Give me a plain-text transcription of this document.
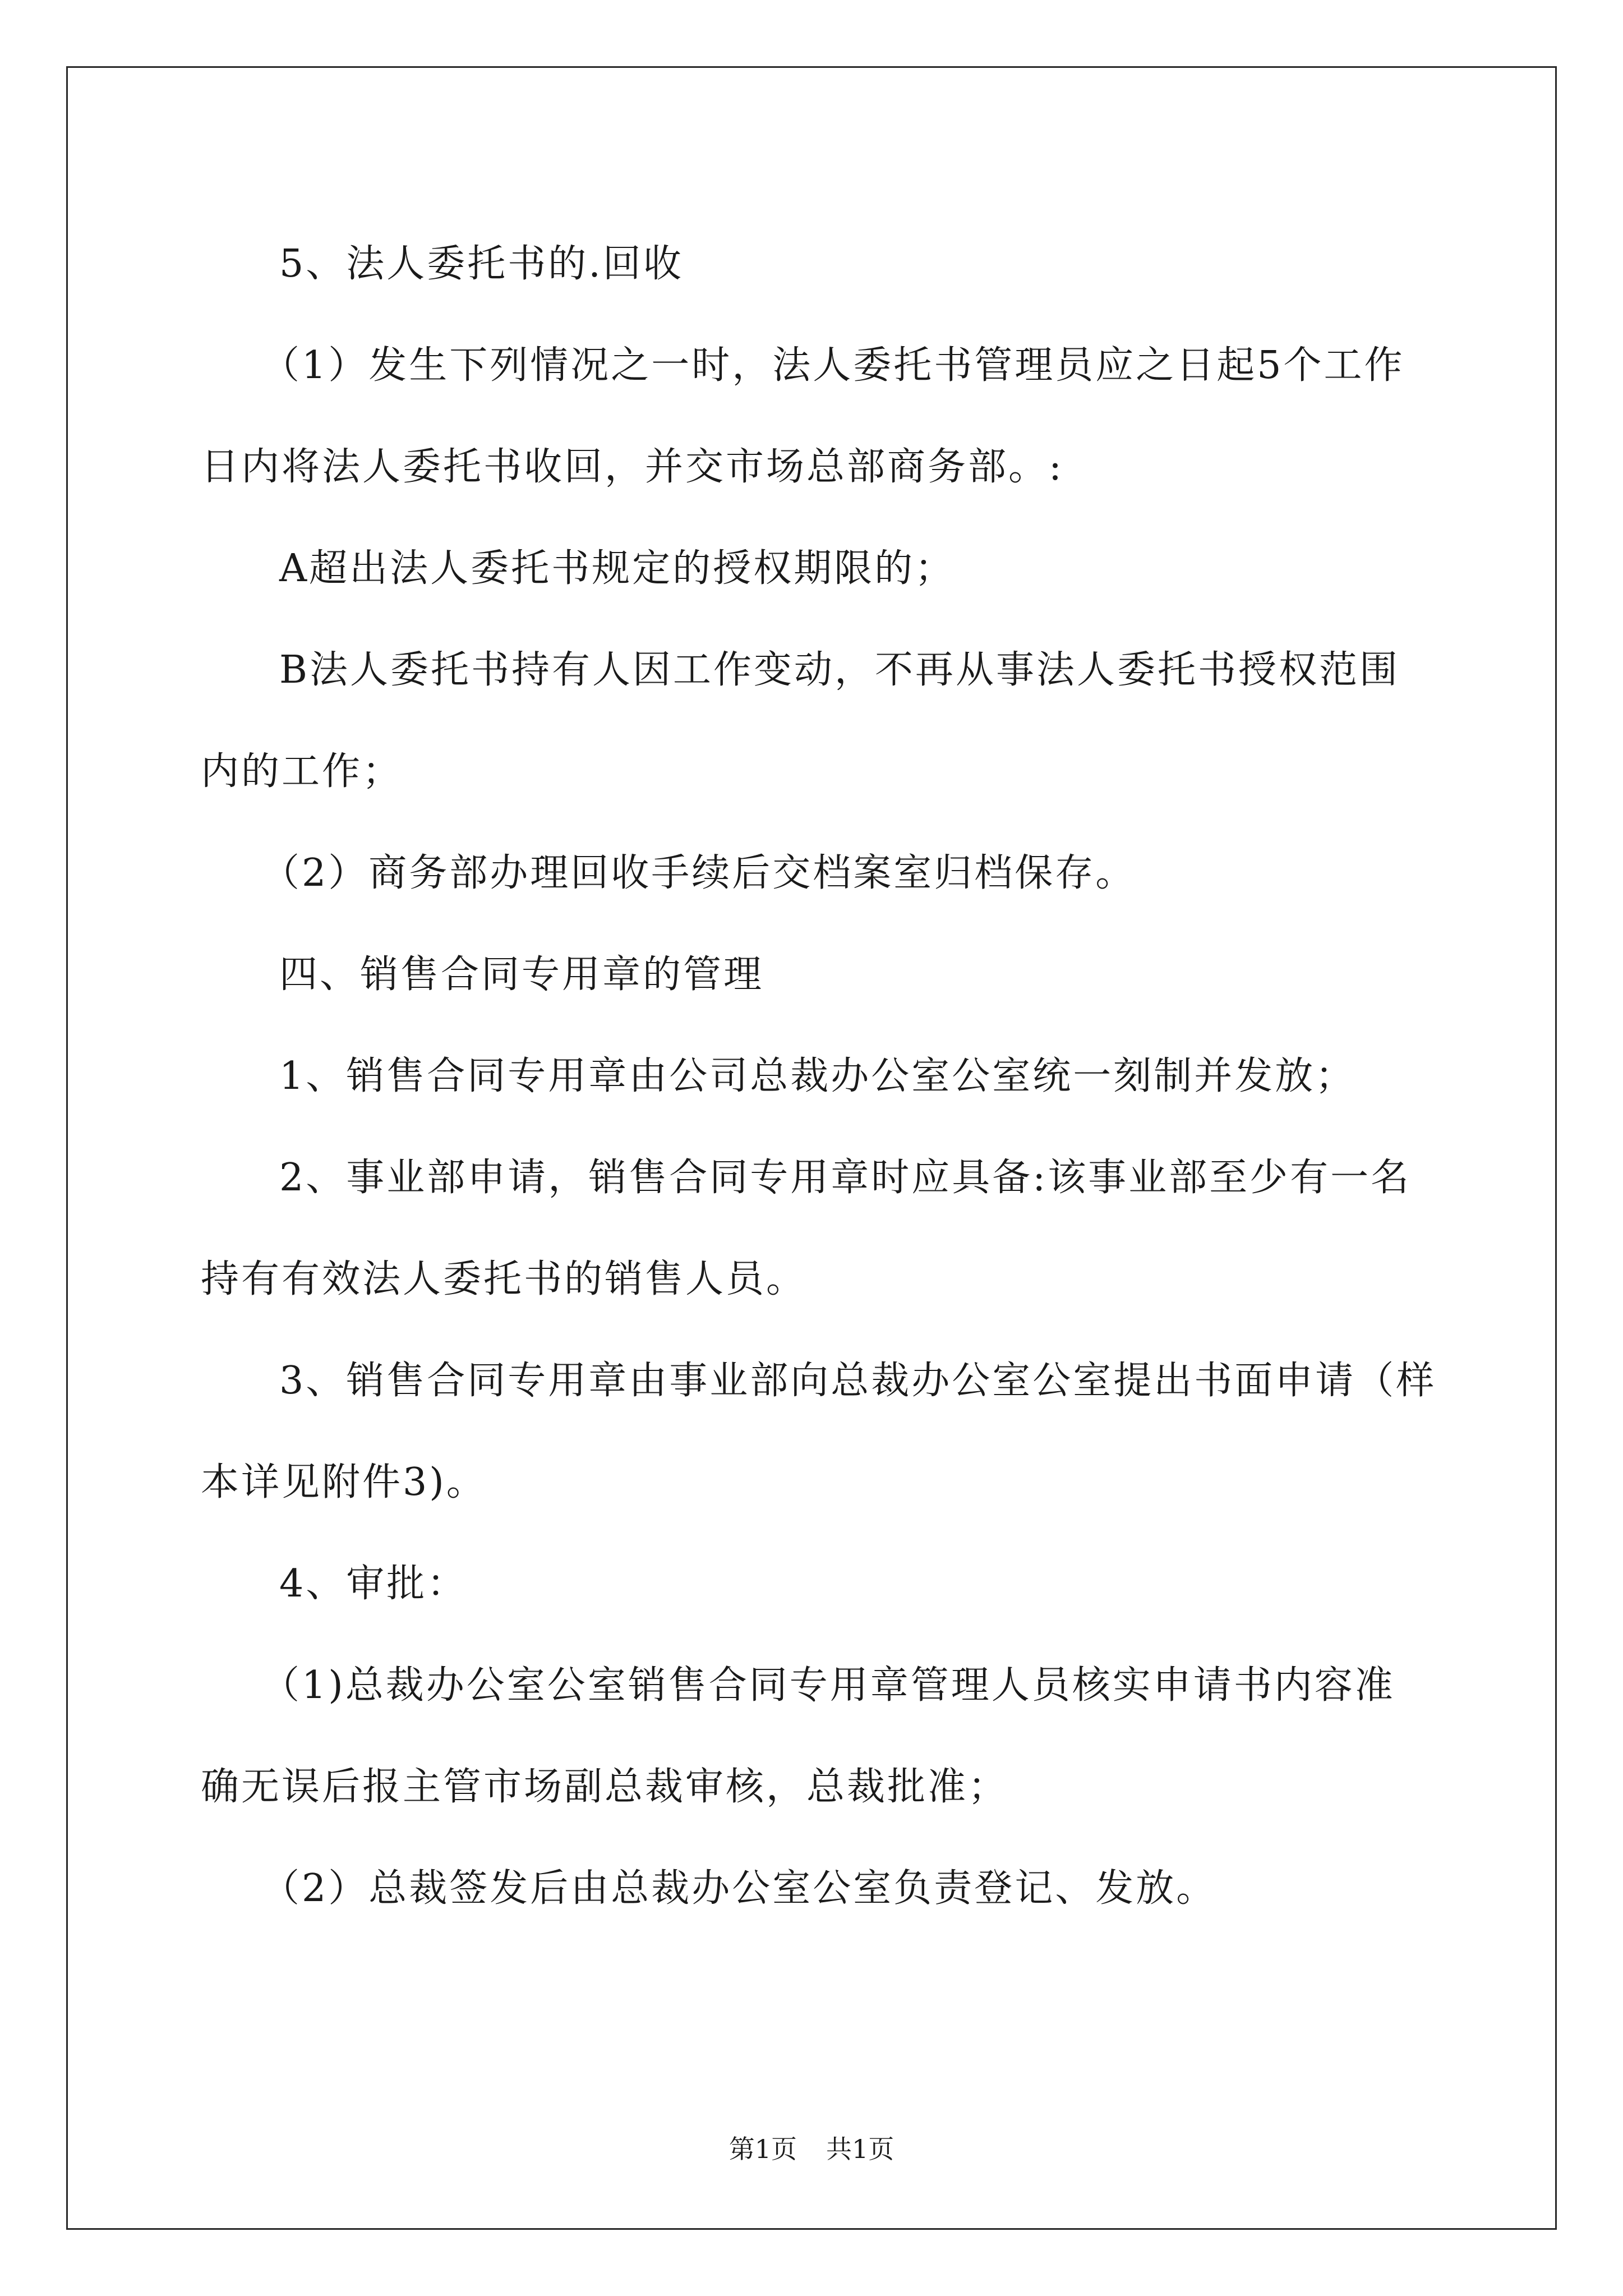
5、法人委托书的.回收

（1）发生下列情况之一时，法人委托书管理员应之日起5个工作

日内将法人委托书收回，并交市场总部商务部。:

A超出法人委托书规定的授权期限的；

B法人委托书持有人因工作变动，不再从事法人委托书授权范围

内的工作；

（2）商务部办理回收手续后交档案室归档保存。

四、销售合同专用章的管理

1、销售合同专用章由公司总裁办公室公室统一刻制并发放；

2、事业部申请，销售合同专用章时应具备:该事业部至少有一名

持有有效法人委托书的销售人员。

3、销售合同专用章由事业部向总裁办公室公室提出书面申请（样

本详见附件3)。

4、审批：

（1)总裁办公室公室销售合同专用章管理人员核实申请书内容准

确无误后报主管市场副总裁审核，总裁批准；

（2）总裁签发后由总裁办公室公室负责登记、发放。

第1页 共1页
